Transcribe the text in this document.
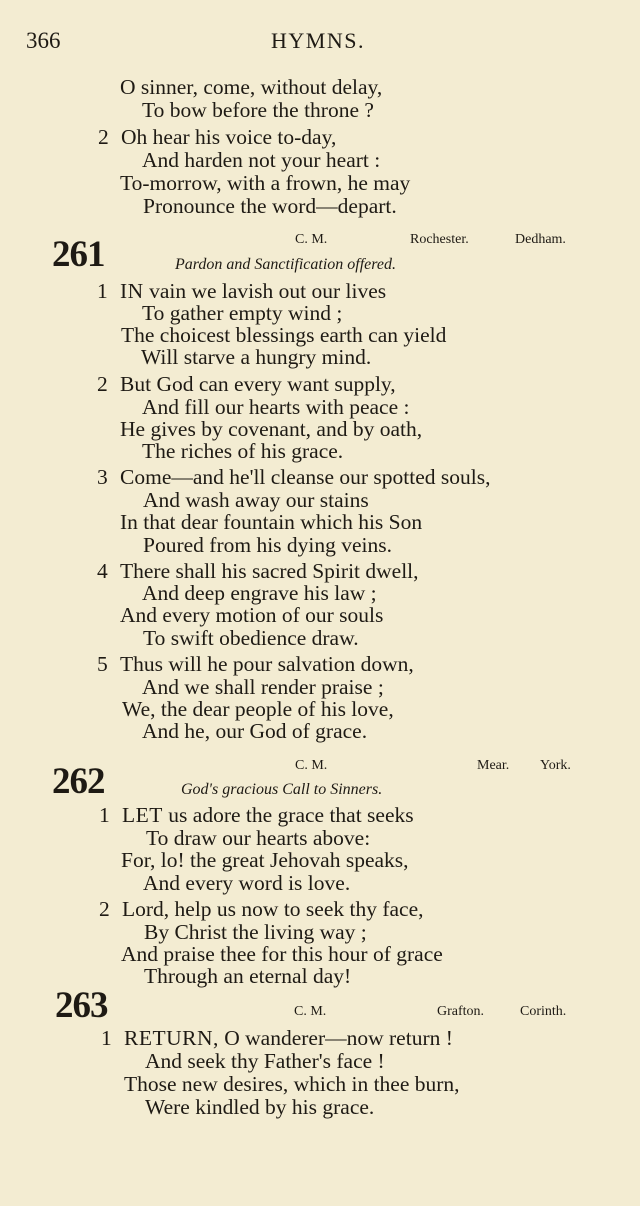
366	HYMNS.
O sinner, come, without delay,
To bow before the throne ?
2 Oh hear his voice to-day,
And harden not your heart :
To-morrow, with a frown, he may
Pronounce the word—depart.
261	C. M.	Rochester.	Dedham.
Pardon and Sanctification offered.
1 IN vain we lavish out our lives
To gather empty wind ;
The choicest blessings earth can yield
Will starve a hungry mind.
2 But God can every want supply,
And fill our hearts with peace :
He gives by covenant, and by oath,
The riches of his grace.
3 Come—and he'll cleanse our spotted souls,
And wash away our stains
In that dear fountain which his Son
Poured from his dying veins.
4 There shall his sacred Spirit dwell,
And deep engrave his law ;
And every motion of our souls
To swift obedience draw.
5 Thus will he pour salvation down,
And we shall render praise ;
We, the dear people of his love,
And he, our God of grace.
262	C. M.	Mear. York.
God's gracious Call to Sinners.
1 LET us adore the grace that seeks
To draw our hearts above:
For, lo! the great Jehovah speaks,
And every word is love.
2 Lord, help us now to seek thy face,
By Christ the living way ;
And praise thee for this hour of grace
Through an eternal day!
263	C. M.	Grafton.	Corinth.
1 RETURN, O wanderer—now return !
And seek thy Father's face !
Those new desires, which in thee burn,
Were kindled by his grace.
